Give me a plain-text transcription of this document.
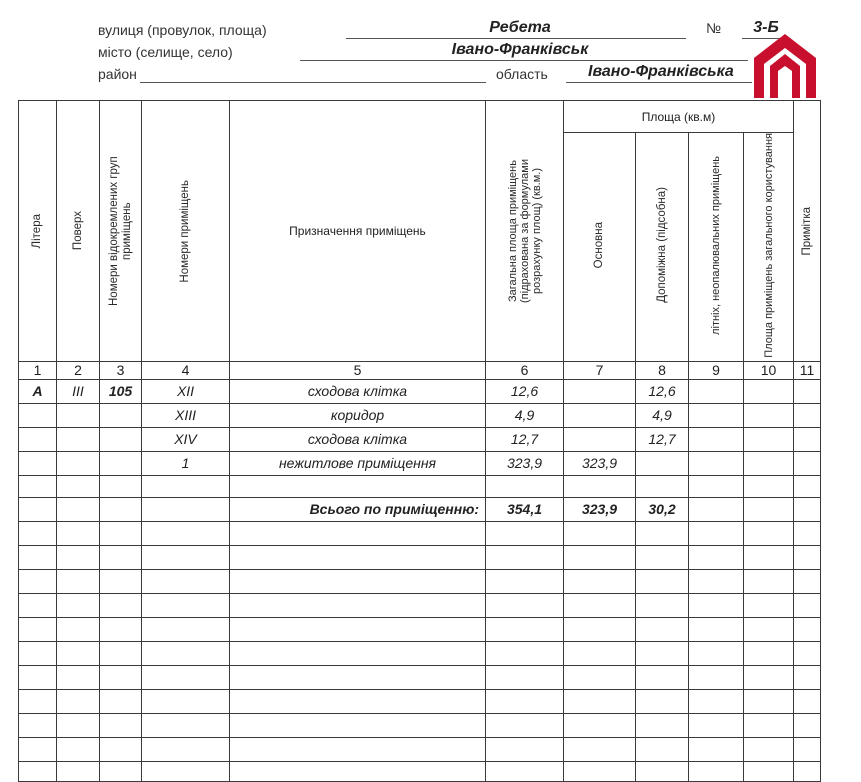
вулиця (провулок, площа)	Ребета	№	3-Б
місто (селище, село)	Івано-Франківськ
район	область	Івано-Франківська
Літера	Поверх	Номери відокремлених груп приміщень	Номери приміщень	Призначення приміщень	Загальна площа приміщень (підрахована за формулами розрахунку площ) (кв.м.)	Площа (кв.м)				Примітка

						Основна	Допоміжна (підсобна)	літніх, неопалювальних приміщень	Площа приміщень загального користування	
1	2	3	4	5	6	7	8	9	10	11
А	III	105	XII	сходова клітка	12,6		12,6			
			XIII	коридор	4,9		4,9			
			XIV	сходова клітка	12,7		12,7			
			1	нежитлове приміщення	323,9	323,9				

				Всього по приміщенню:	354,1	323,9	30,2			
